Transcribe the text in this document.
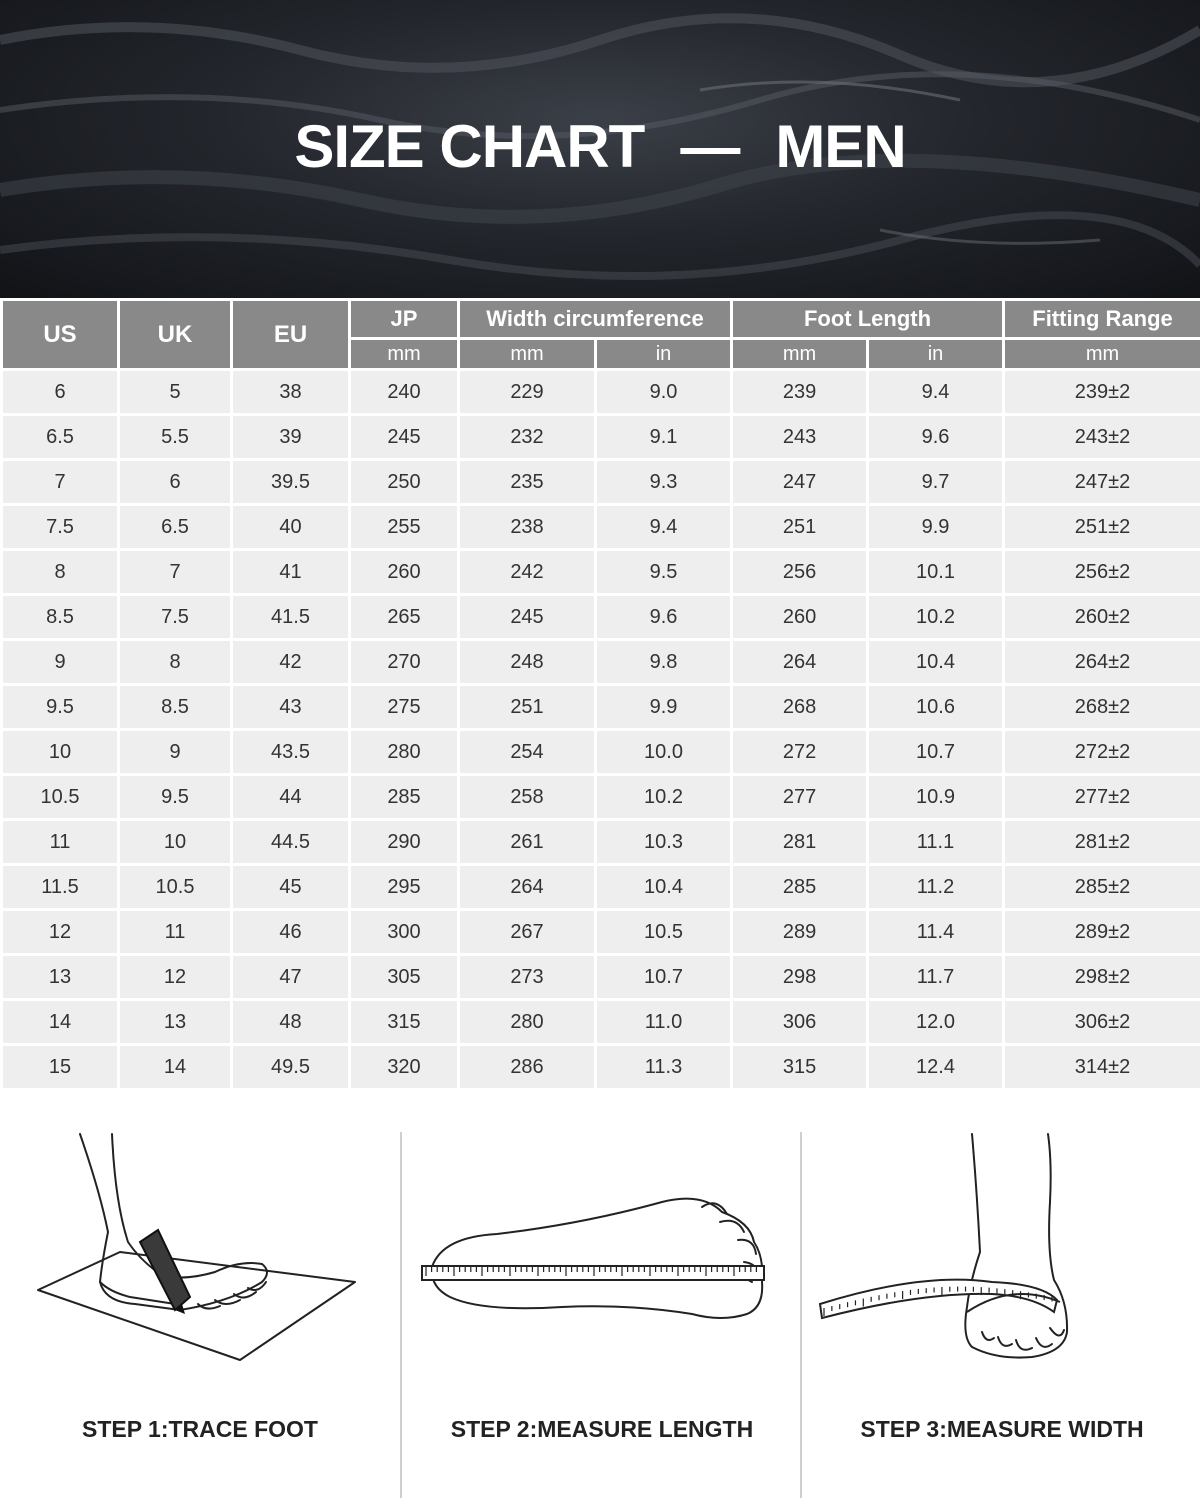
SIZE CHART — MEN
US	UK	EU	JP	Width circumference		Foot Length		Fitting Range
			mm	mm	in	mm	in	mm
6	5	38	240	229	9.0	239	9.4	239±2
6.5	5.5	39	245	232	9.1	243	9.6	243±2
7	6	39.5	250	235	9.3	247	9.7	247±2
7.5	6.5	40	255	238	9.4	251	9.9	251±2
8	7	41	260	242	9.5	256	10.1	256±2
8.5	7.5	41.5	265	245	9.6	260	10.2	260±2
9	8	42	270	248	9.8	264	10.4	264±2
9.5	8.5	43	275	251	9.9	268	10.6	268±2
10	9	43.5	280	254	10.0	272	10.7	272±2
10.5	9.5	44	285	258	10.2	277	10.9	277±2
11	10	44.5	290	261	10.3	281	11.1	281±2
11.5	10.5	45	295	264	10.4	285	11.2	285±2
12	11	46	300	267	10.5	289	11.4	289±2
13	12	47	305	273	10.7	298	11.7	298±2
14	13	48	315	280	11.0	306	12.0	306±2
15	14	49.5	320	286	11.3	315	12.4	314±2
STEP 1:TRACE FOOT	STEP 2:MEASURE LENGTH	STEP 3:MEASURE WIDTH
